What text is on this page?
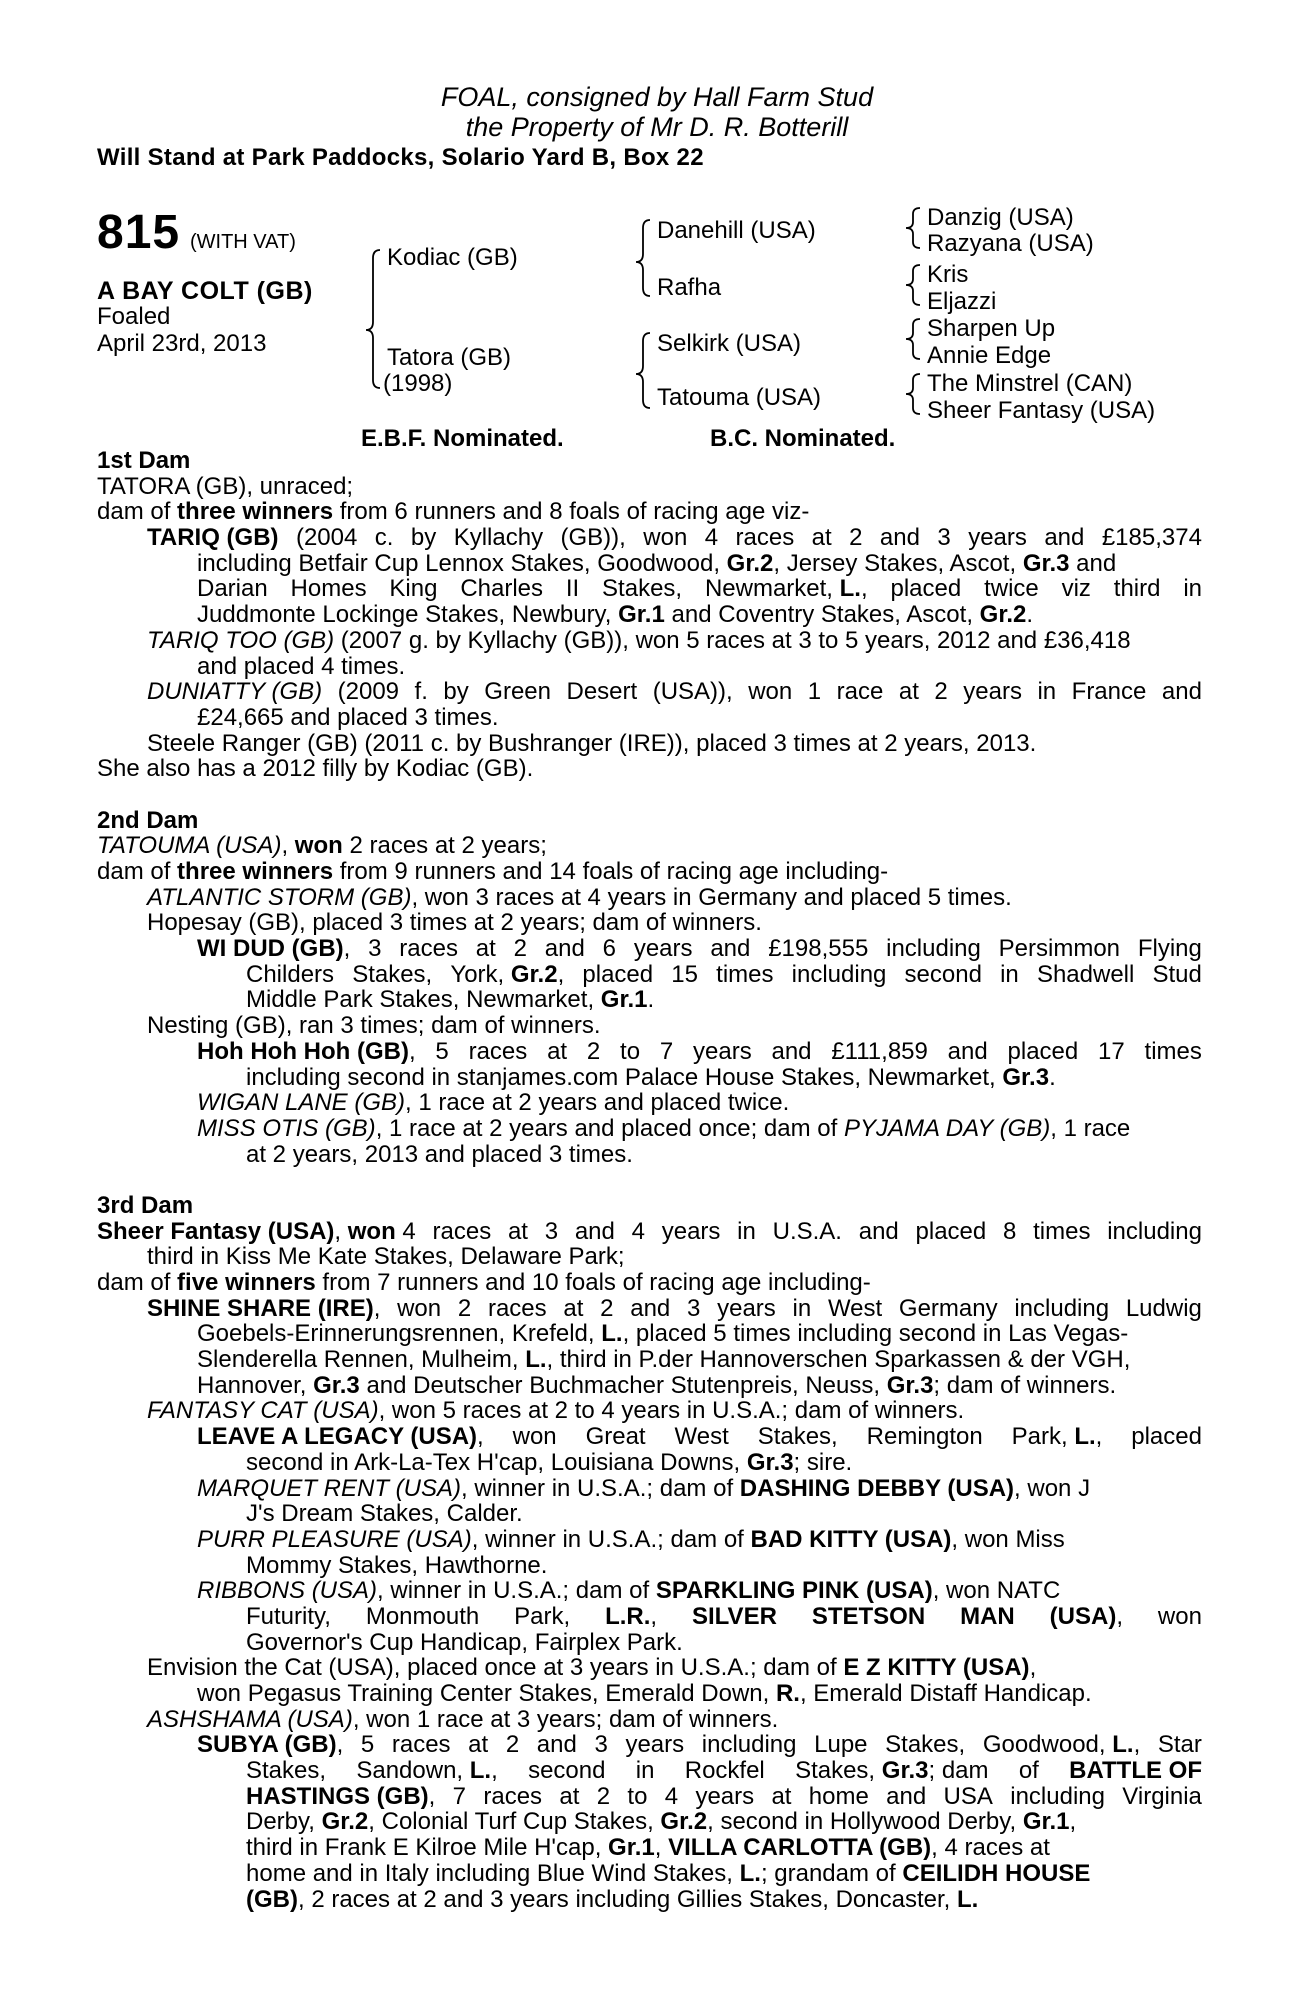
FOAL, consigned by Hall Farm Stud
the Property of Mr D. R. Botterill
Will Stand at Park Paddocks, Solario Yard B, Box 22
815 (WITH VAT)
A BAY COLT (GB)
Foaled
April 23rd, 2013
Kodiac (GB)
Tatora (GB)
(1998)
Danehill (USA)
Rafha
Selkirk (USA)
Tatouma (USA)
Danzig (USA)
Razyana (USA)
Kris
Eljazzi
Sharpen Up
Annie Edge
The Minstrel (CAN)
Sheer Fantasy (USA)
E.B.F. Nominated.	B.C. Nominated.
1st Dam
TATORA (GB), unraced;
dam of three winners from 6 runners and 8 foals of racing age viz-
TARIQ (GB) (2004 c. by Kyllachy (GB)), won 4 races at 2 and 3 years and £185,374
including Betfair Cup Lennox Stakes, Goodwood, Gr.2, Jersey Stakes, Ascot, Gr.3 and
Darian Homes King Charles II Stakes, Newmarket, L., placed twice viz third in
Juddmonte Lockinge Stakes, Newbury, Gr.1 and Coventry Stakes, Ascot, Gr.2.
TARIQ TOO (GB) (2007 g. by Kyllachy (GB)), won 5 races at 3 to 5 years, 2012 and £36,418
and placed 4 times.
DUNIATTY (GB) (2009 f. by Green Desert (USA)), won 1 race at 2 years in France and
£24,665 and placed 3 times.
Steele Ranger (GB) (2011 c. by Bushranger (IRE)), placed 3 times at 2 years, 2013.
She also has a 2012 filly by Kodiac (GB).
2nd Dam
TATOUMA (USA), won 2 races at 2 years;
dam of three winners from 9 runners and 14 foals of racing age including-
ATLANTIC STORM (GB), won 3 races at 4 years in Germany and placed 5 times.
Hopesay (GB), placed 3 times at 2 years; dam of winners.
WI DUD (GB), 3 races at 2 and 6 years and £198,555 including Persimmon Flying
Childers Stakes, York, Gr.2, placed 15 times including second in Shadwell Stud
Middle Park Stakes, Newmarket, Gr.1.
Nesting (GB), ran 3 times; dam of winners.
Hoh Hoh Hoh (GB), 5 races at 2 to 7 years and £111,859 and placed 17 times
including second in stanjames.com Palace House Stakes, Newmarket, Gr.3.
WIGAN LANE (GB), 1 race at 2 years and placed twice.
MISS OTIS (GB), 1 race at 2 years and placed once; dam of PYJAMA DAY (GB), 1 race
at 2 years, 2013 and placed 3 times.
3rd Dam
Sheer Fantasy (USA), won 4 races at 3 and 4 years in U.S.A. and placed 8 times including
third in Kiss Me Kate Stakes, Delaware Park;
dam of five winners from 7 runners and 10 foals of racing age including-
SHINE SHARE (IRE), won 2 races at 2 and 3 years in West Germany including Ludwig
Goebels-Erinnerungsrennen, Krefeld, L., placed 5 times including second in Las Vegas-
Slenderella Rennen, Mulheim, L., third in P.der Hannoverschen Sparkassen & der VGH,
Hannover, Gr.3 and Deutscher Buchmacher Stutenpreis, Neuss, Gr.3; dam of winners.
FANTASY CAT (USA), won 5 races at 2 to 4 years in U.S.A.; dam of winners.
LEAVE A LEGACY (USA), won Great West Stakes, Remington Park, L., placed
second in Ark-La-Tex H'cap, Louisiana Downs, Gr.3; sire.
MARQUET RENT (USA), winner in U.S.A.; dam of DASHING DEBBY (USA), won J
J's Dream Stakes, Calder.
PURR PLEASURE (USA), winner in U.S.A.; dam of BAD KITTY (USA), won Miss
Mommy Stakes, Hawthorne.
RIBBONS (USA), winner in U.S.A.; dam of SPARKLING PINK (USA), won NATC
Futurity, Monmouth Park, L.R., SILVER STETSON MAN (USA), won
Governor's Cup Handicap, Fairplex Park.
Envision the Cat (USA), placed once at 3 years in U.S.A.; dam of E Z KITTY (USA),
won Pegasus Training Center Stakes, Emerald Down, R., Emerald Distaff Handicap.
ASHSHAMA (USA), won 1 race at 3 years; dam of winners.
SUBYA (GB), 5 races at 2 and 3 years including Lupe Stakes, Goodwood, L., Star
Stakes, Sandown, L., second in Rockfel Stakes, Gr.3; dam of BATTLE OF
HASTINGS (GB), 7 races at 2 to 4 years at home and USA including Virginia
Derby, Gr.2, Colonial Turf Cup Stakes, Gr.2, second in Hollywood Derby, Gr.1,
third in Frank E Kilroe Mile H'cap, Gr.1, VILLA CARLOTTA (GB), 4 races at
home and in Italy including Blue Wind Stakes, L.; grandam of CEILIDH HOUSE
(GB), 2 races at 2 and 3 years including Gillies Stakes, Doncaster, L.
